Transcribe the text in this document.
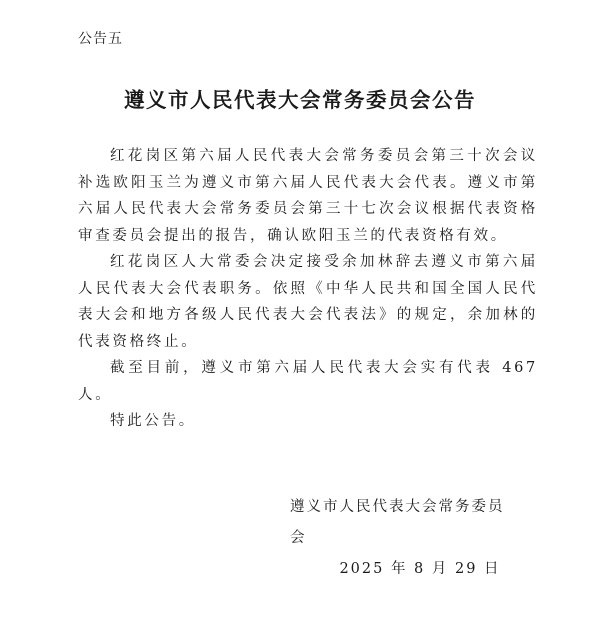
公告五
遵义市人民代表大会常务委员会公告

红花岗区第六届人民代表大会常务委员会第三十次会议补选欧阳玉兰为遵义市第六届人民代表大会代表。遵义市第六届人民代表大会常务委员会第三十七次会议根据代表资格审查委员会提出的报告，确认欧阳玉兰的代表资格有效。

红花岗区人大常委会决定接受余加林辞去遵义市第六届人民代表大会代表职务。依照《中华人民共和国全国人民代表大会和地方各级人民代表大会代表法》的规定，余加林的代表资格终止。

截至目前，遵义市第六届人民代表大会实有代表 467 人。

特此公告。

遵义市人民代表大会常务委员会
2025 年 8 月 29 日
